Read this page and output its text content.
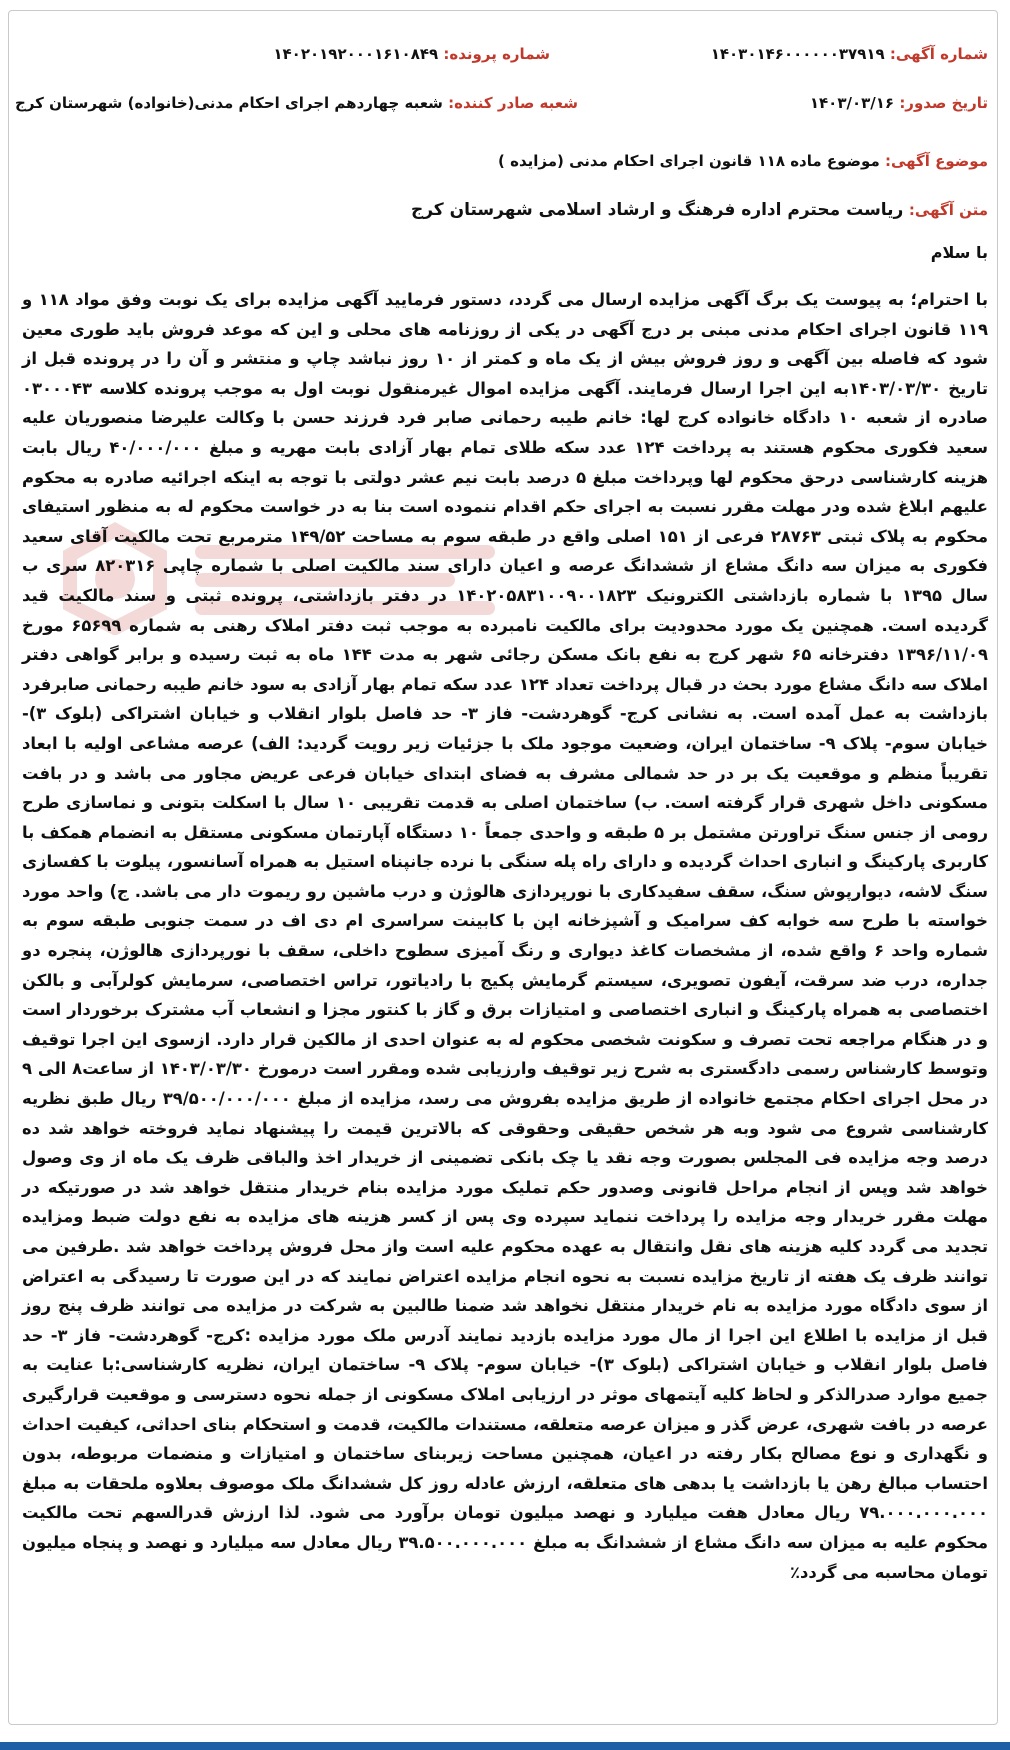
شماره آگهی: ۱۴۰۳۰۱۴۶۰۰۰۰۰۰۳۷۹۱۹
شماره پرونده: ۱۴۰۲۰۱۹۲۰۰۰۱۶۱۰۸۴۹
تاریخ صدور: ۱۴۰۳/۰۳/۱۶
شعبه صادر کننده: شعبه چهاردهم اجرای احکام مدنی(خانواده) شهرستان کرج
موضوع آگهی: موضوع ماده ۱۱۸ قانون اجرای احکام مدنی (مزایده )
متن آگهی: ریاست محترم اداره فرهنگ و ارشاد اسلامی شهرستان کرج
با سلام
با احترام؛ به پیوست یک برگ آگهی مزایده ارسال می گردد، دستور فرمایید آگهی مزایده برای یک نوبت وفق مواد ۱۱۸ و ۱۱۹ قانون اجرای احکام مدنی مبنی بر درج آگهی در یکی از روزنامه های محلی و این که موعد فروش باید طوری معین شود که فاصله بین آگهی و روز فروش بیش از یک ماه و کمتر از ۱۰ روز نباشد چاپ و منتشر و آن را در پرونده قبل از تاریخ ۱۴۰۳/۰۳/۳۰به این اجرا ارسال فرمایند. آگهی مزایده اموال غیرمنقول نوبت اول به موجب پرونده کلاسه ۰۳۰۰۰۴۳ صادره از شعبه ۱۰ دادگاه خانواده کرج لها: خانم طیبه رحمانی صابر فرد فرزند حسن با وکالت علیرضا منصوریان علیه سعید فکوری محکوم هستند به پرداخت ۱۲۴ عدد سکه طلای تمام بهار آزادی بابت مهریه و مبلغ ۴۰/۰۰۰/۰۰۰ ریال بابت هزینه کارشناسی درحق محکوم لها وپرداخت مبلغ ۵ درصد بابت نیم عشر دولتی با توجه به اینکه اجرائیه صادره به محکوم علیهم ابلاغ شده ودر مهلت مقرر نسبت به اجرای حکم اقدام ننموده است بنا به در خواست محکوم له به منظور استیفای محکوم به پلاک ثبتی ۲۸۷۶۳ فرعی از ۱۵۱ اصلی واقع در طبقه سوم به مساحت ۱۴۹/۵۲ مترمربع تحت مالکیت آقای سعید فکوری به میزان سه دانگ مشاع از ششدانگ عرصه و اعیان دارای سند مالکیت اصلی با شماره چاپی ۸۲۰۳۱۶ سری ب سال ۱۳۹۵ با شماره بازداشتی الکترونیک ۱۴۰۲۰۵۸۳۱۰۰۹۰۰۱۸۲۳ در دفتر بازداشتی، پرونده ثبتی و سند مالکیت قید گردیده است. همچنین یک مورد محدودیت برای مالکیت نامبرده به موجب ثبت دفتر املاک رهنی به شماره ۶۵۶۹۹ مورخ ۱۳۹۶/۱۱/۰۹ دفترخانه ۶۵ شهر کرج به نفع بانک مسکن رجائی شهر به مدت ۱۴۴ ماه به ثبت رسیده و برابر گواهی دفتر املاک سه دانگ مشاع مورد بحث در قبال پرداخت تعداد ۱۲۴ عدد سکه تمام بهار آزادی به سود خانم طیبه رحمانی صابرفرد بازداشت به عمل آمده است. به نشانی کرج- گوهردشت- فاز ۳- حد فاصل بلوار انقلاب و خیابان اشتراکی (بلوک ۳)- خیابان سوم- پلاک ۹- ساختمان ایران، وضعیت موجود ملک با جزئیات زیر رویت گردید: الف) عرصه مشاعی اولیه با ابعاد تقریباً منظم و موقعیت یک بر در حد شمالی مشرف به فضای ابتدای خیابان فرعی عریض مجاور می باشد و در بافت مسکونی داخل شهری قرار گرفته است. ب) ساختمان اصلی به قدمت تقریبی ۱۰ سال با اسکلت بتونی و نماسازی طرح رومی از جنس سنگ تراورتن مشتمل بر ۵ طبقه و واحدی جمعاً ۱۰ دستگاه آپارتمان مسکونی مستقل به انضمام همکف با کاربری پارکینگ و انباری احداث گردیده و دارای راه پله سنگی با نرده جانپناه استیل به همراه آسانسور، پیلوت با کفسازی سنگ لاشه، دیوارپوش سنگ، سقف سفیدکاری با نورپردازی هالوژن و درب ماشین رو ریموت دار می باشد. ج) واحد مورد خواسته با طرح سه خوابه کف سرامیک و آشپزخانه اپن با کابینت سراسری ام دی اف در سمت جنوبی طبقه سوم به شماره واحد ۶ واقع شده، از مشخصات کاغذ دیواری و رنگ آمیزی سطوح داخلی، سقف با نورپردازی هالوژن، پنجره دو جداره، درب ضد سرقت، آیفون تصویری، سیستم گرمایش پکیج با رادیاتور، تراس اختصاصی، سرمایش کولرآبی و بالکن اختصاصی به همراه پارکینگ و انباری اختصاصی و امتیازات برق و گاز با کنتور مجزا و انشعاب آب مشترک برخوردار است و در هنگام مراجعه تحت تصرف و سکونت شخصی محکوم له به عنوان احدی از مالکین قرار دارد. ازسوی این اجرا توقیف وتوسط کارشناس رسمی دادگستری به شرح زیر توقیف وارزیابی شده ومقرر است درمورخ ۱۴۰۳/۰۳/۳۰ از ساعت۸ الی ۹ در محل اجرای احکام مجتمع خانواده از طریق مزایده بفروش می رسد، مزایده از مبلغ ۳۹/۵۰۰/۰۰۰/۰۰۰ ریال طبق نظریه کارشناسی شروع می شود وبه هر شخص حقیقی وحقوقی که بالاترین قیمت را پیشنهاد نماید فروخته خواهد شد ده درصد وجه مزایده فی المجلس بصورت وجه نقد یا چک بانکی تضمینی از خریدار اخذ والباقی ظرف یک ماه از وی وصول خواهد شد وپس از انجام مراحل قانونی وصدور حکم تملیک مورد مزایده بنام خریدار منتقل خواهد شد در صورتیکه در مهلت مقرر خریدار وجه مزایده را پرداخت ننماید سپرده وی پس از کسر هزینه های مزایده به نفع دولت ضبط ومزایده تجدید می گردد کلیه هزینه های نقل وانتقال به عهده محکوم علیه است واز محل فروش پرداخت خواهد شد .طرفین می توانند ظرف یک هفته از تاریخ مزایده نسبت به نحوه انجام مزایده اعتراض نمایند که در این صورت تا رسیدگی به اعتراض از سوی دادگاه مورد مزایده به نام خریدار منتقل نخواهد شد ضمنا طالبین به شرکت در مزایده می توانند ظرف پنج روز قبل از مزایده با اطلاع این اجرا از مال مورد مزایده بازدید نمایند آدرس ملک مورد مزایده :کرج- گوهردشت- فاز ۳- حد فاصل بلوار انقلاب و خیابان اشتراکی (بلوک ۳)- خیابان سوم- پلاک ۹- ساختمان ایران، نظریه کارشناسی:با عنایت به جمیع موارد صدرالذکر و لحاظ کلیه آیتمهای موثر در ارزیابی املاک مسکونی از جمله نحوه دسترسی و موقعیت قرارگیری عرصه در بافت شهری، عرض گذر و میزان عرصه متعلقه، مستندات مالکیت، قدمت و استحکام بنای احداثی، کیفیت احداث و نگهداری و نوع مصالح بکار رفته در اعیان، همچنین مساحت زیربنای ساختمان و امتیازات و منضمات مربوطه، بدون احتساب مبالغ رهن یا بازداشت یا بدهی های متعلقه، ارزش عادله روز کل ششدانگ ملک موصوف بعلاوه ملحقات به مبلغ ۷۹.۰۰۰.۰۰۰.۰۰۰ ریال معادل هفت میلیارد و نهصد میلیون تومان برآورد می شود. لذا ارزش قدرالسهم تحت مالکیت محکوم علیه به میزان سه دانگ مشاع از ششدانگ به مبلغ ۳۹.۵۰۰.۰۰۰.۰۰۰ ریال معادل سه میلیارد و نهصد و پنجاه میلیون تومان محاسبه می گردد٪
